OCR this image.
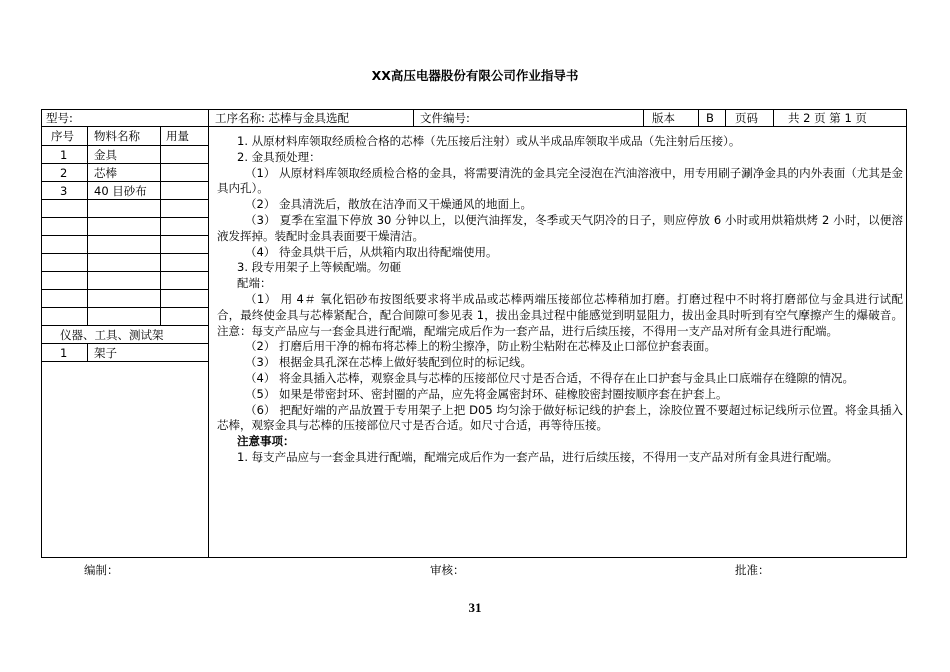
XX高压电器股份有限公司作业指导书
型号:	工序名称: 芯棒与金具选配	文件编号:	版本	B 页码	共 2 页 第 1 页
序号 物料名称 用量
1 金具
2 芯棒
3 40 目砂布
仪器、工具、测试架
1 架子

1. 从原材料库领取经质检合格的芯棒（先压接后注射）或从半成品库领取半成品（先注射后压接）。

2. 金具预处理：

（1） 从原材料库领取经质检合格的金具，将需要清洗的金具完全浸泡在汽油溶液中，用专用刷子涮净金具的内外表面（尤其是金具内孔）。

（2） 金具清洗后，散放在洁净而又干燥通风的地面上。

（3） 夏季在室温下停放 30 分钟以上，以便汽油挥发，冬季或天气阴冷的日子，则应停放 6 小时或用烘箱烘烤 2 小时，以便溶液发挥掉。装配时金具表面要干燥清洁。

（4） 待金具烘干后，从烘箱内取出待配端使用。

3. 段专用架子上等候配端。勿砸

配端：

（1） 用 4＃ 氧化铝砂布按图纸要求将半成品或芯棒两端压接部位芯棒稍加打磨。打磨过程中不时将打磨部位与金具进行试配合，最终使金具与芯棒紧配合，配合间隙可参见表 1，拔出金具过程中能感觉到明显阻力，拔出金具时听到有空气摩擦产生的爆破音。注意：每支产品应与一套金具进行配端，配端完成后作为一套产品，进行后续压接，不得用一支产品对所有金具进行配端。

（2） 打磨后用干净的棉布将芯棒上的粉尘擦净，防止粉尘粘附在芯棒及止口部位护套表面。

（3） 根据金具孔深在芯棒上做好装配到位时的标记线。

（4） 将金具插入芯棒，观察金具与芯棒的压接部位尺寸是否合适，不得存在止口护套与金具止口底端存在缝隙的情况。

（5） 如果是带密封环、密封圈的产品，应先将金属密封环、硅橡胶密封圈按顺序套在护套上。

（6） 把配好端的产品放置于专用架子上把 D05 均匀涂于做好标记线的护套上，涂胶位置不要超过标记线所示位置。将金具插入芯棒，观察金具与芯棒的压接部位尺寸是否合适。如尺寸合适，再等待压接。

注意事项：

1. 每支产品应与一套金具进行配端，配端完成后作为一套产品，进行后续压接，不得用一支产品对所有金具进行配端。

编制：	审核：	批准：
31
